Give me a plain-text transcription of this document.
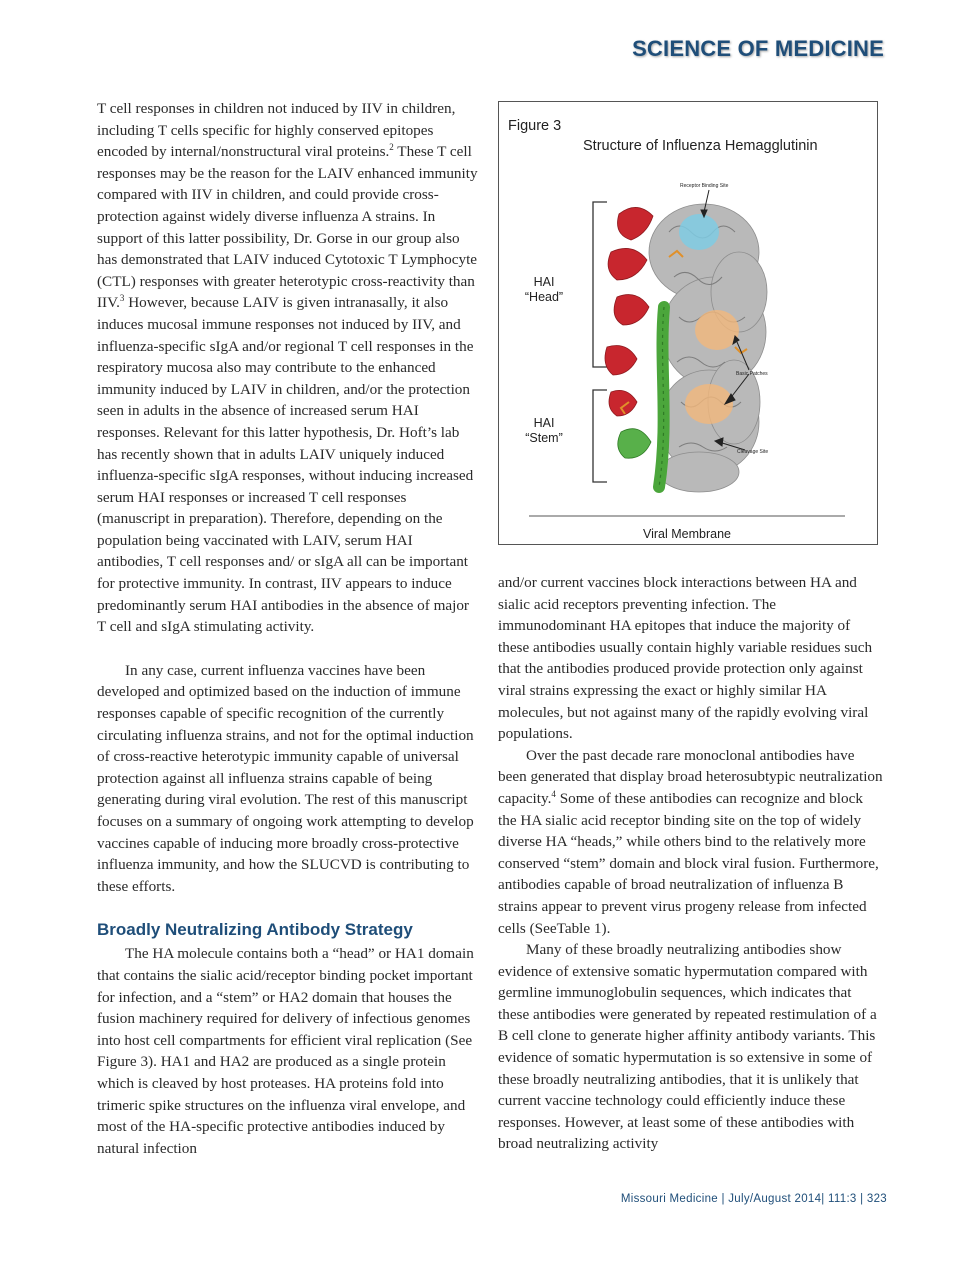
SCIENCE OF MEDICINE

T cell responses in children not induced by IIV in children, including T cells specific for highly conserved epitopes encoded by internal/nonstructural viral proteins.$^2$ These T cell responses may be the reason for the LAIV enhanced immunity compared with IIV in children, and could provide cross-protection against widely diverse influenza A strains. In support of this latter possibility, Dr. Gorse in our group also has demonstrated that LAIV induced Cytotoxic T Lymphocyte (CTL) responses with greater heterotypic cross-reactivity than IIV.$^3$ However, because LAIV is given intranasally, it also induces mucosal immune responses not induced by IIV, and influenza-specific sIgA and/or regional T cell responses in the respiratory mucosa also may contribute to the enhanced immunity induced by LAIV in children, and/or the protection seen in adults in the absence of increased serum HAI responses. Relevant for this latter hypothesis, Dr. Hoft’s lab has recently shown that in adults LAIV uniquely induced influenza-specific sIgA responses, without inducing increased serum HAI responses or increased T cell responses (manuscript in preparation). Therefore, depending on the population being vaccinated with LAIV, serum HAI antibodies, T cell responses and/ or sIgA all can be important for protective immunity. In contrast, IIV appears to induce predominantly serum HAI antibodies in the absence of major T cell and sIgA stimulating activity.

In any case, current influenza vaccines have been developed and optimized based on the induction of immune responses capable of specific recognition of the currently circulating influenza strains, and not for the optimal induction of cross-reactive heterotypic immunity capable of universal protection against all influenza strains capable of being generating during viral evolution. The rest of this manuscript focuses on a summary of ongoing work attempting to develop vaccines capable of inducing more broadly cross-protective influenza immunity, and how the SLUCVD is contributing to these efforts.

Broadly Neutralizing Antibody Strategy

The HA molecule contains both a “head” or HA1 domain that contains the sialic acid/receptor binding pocket important for infection, and a “stem” or HA2 domain that houses the fusion machinery required for delivery of infectious genomes into host cell compartments for efficient viral replication (See Figure 3). HA1 and HA2 are produced as a single protein which is cleaved by host proteases. HA proteins fold into trimeric spike structures on the influenza viral envelope, and most of the HA-specific protective antibodies induced by natural infection

Figure 3
Structure of Influenza Hemagglutinin
Receptor Binding Site
Basic Patches
Cleavage Site
HAI
“Head”
HAI
“Stem”
Viral Membrane

and/or current vaccines block interactions between HA and sialic acid receptors preventing infection. The immunodominant HA epitopes that induce the majority of these antibodies usually contain highly variable residues such that the antibodies produced provide protection only against viral strains expressing the exact or highly similar HA molecules, but not against many of the rapidly evolving viral populations.

Over the past decade rare monoclonal antibodies have been generated that display broad heterosubtypic neutralization capacity.$^4$ Some of these antibodies can recognize and block the HA sialic acid receptor binding site on the top of widely diverse HA “heads,” while others bind to the relatively more conserved “stem” domain and block viral fusion. Furthermore, antibodies capable of broad neutralization of influenza B strains appear to prevent virus progeny release from infected cells (SeeTable 1).

Many of these broadly neutralizing antibodies show evidence of extensive somatic hypermutation compared with germline immunoglobulin sequences, which indicates that these antibodies were generated by repeated restimulation of a B cell clone to generate higher affinity antibody variants. This evidence of somatic hypermutation is so extensive in some of these broadly neutralizing antibodies, that it is unlikely that current vaccine technology could efficiently induce these responses. However, at least some of these antibodies with broad neutralizing activity

Missouri Medicine | July/August 2014| 111:3 | 323
